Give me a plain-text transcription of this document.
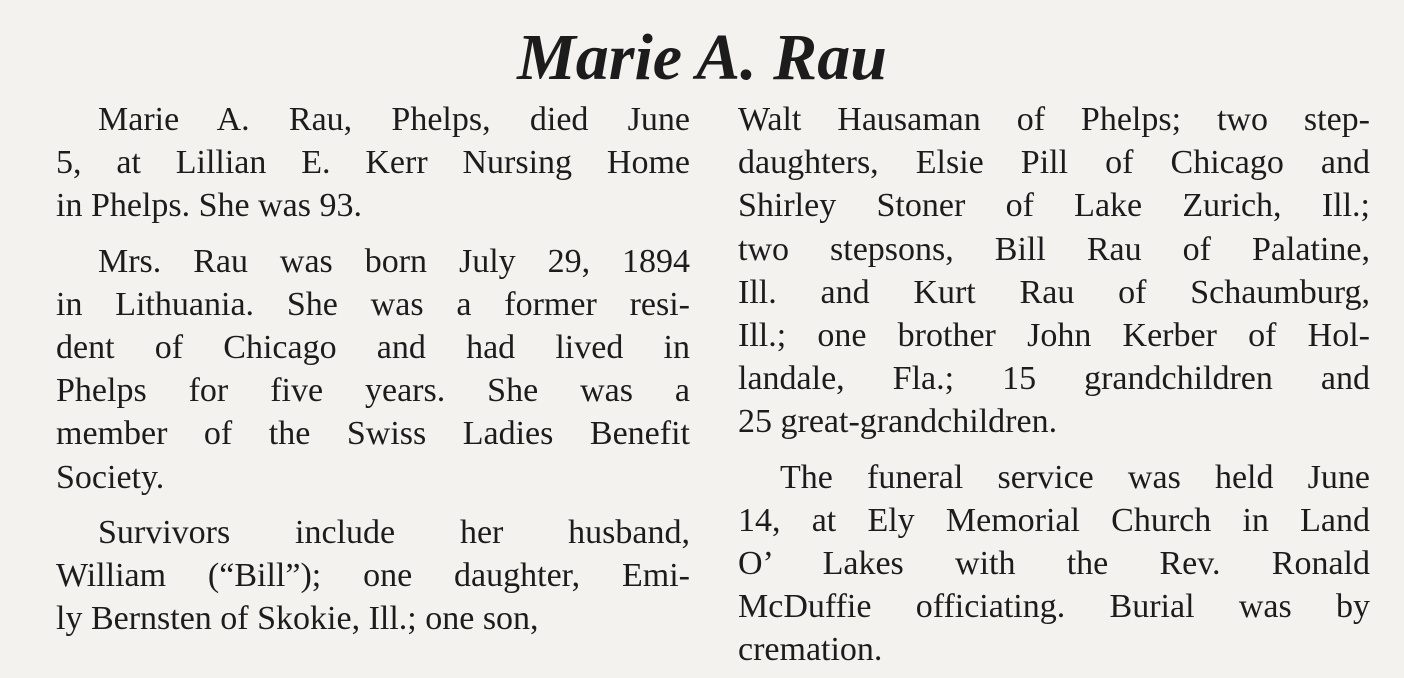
Marie A. Rau

Marie A. Rau, Phelps, died June
5, at Lillian E. Kerr Nursing Home
in Phelps. She was 93.

Mrs. Rau was born July 29, 1894
in Lithuania. She was a former resi-
dent of Chicago and had lived in
Phelps for five years. She was a
member of the Swiss Ladies Benefit
Society.

Survivors include her husband,
William (“Bill”); one daughter, Emi-
ly Bernsten of Skokie, Ill.; one son,

Walt Hausaman of Phelps; two step-
daughters, Elsie Pill of Chicago and
Shirley Stoner of Lake Zurich, Ill.;
two stepsons, Bill Rau of Palatine,
Ill. and Kurt Rau of Schaumburg,
Ill.; one brother John Kerber of Hol-
landale, Fla.; 15 grandchildren and
25 great-grandchildren.

The funeral service was held June
14, at Ely Memorial Church in Land
O’ Lakes with the Rev. Ronald
McDuffie officiating. Burial was by
cremation.
